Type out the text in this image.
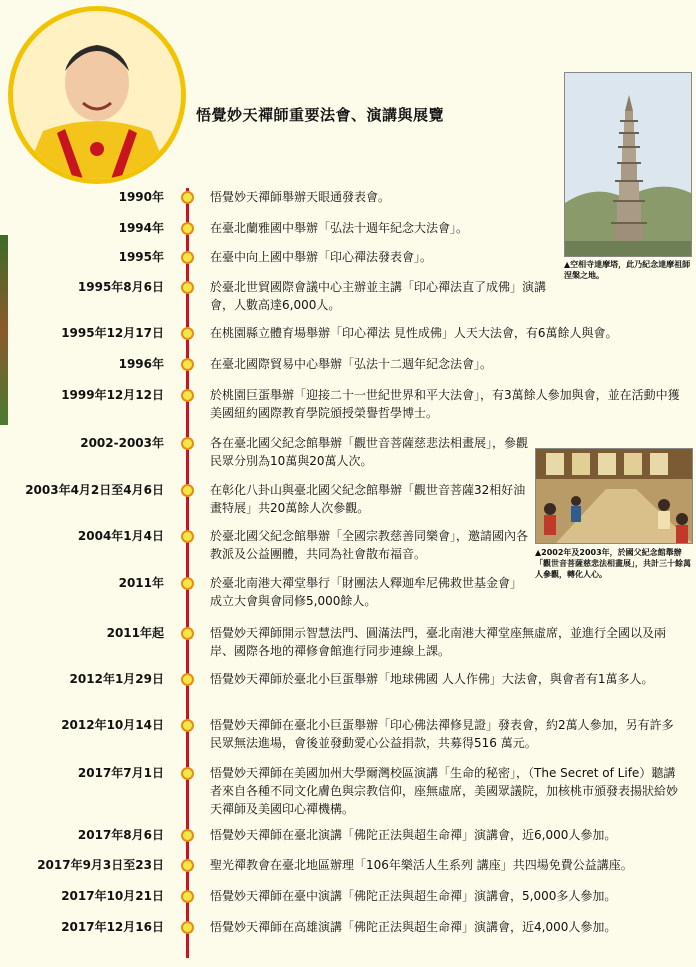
悟覺妙天禪師重要法會、演講與展覽
▲空相寺達摩塔，此乃紀念達摩祖師涅槃之地。
▲2002年及2003年，於國父紀念館舉辦「觀世音菩薩慈悲法相畫展」，共計三十餘萬人參觀，轉化人心。
1990年	悟覺妙天禪師舉辦天眼通發表會。
1994年	在臺北蘭雅國中舉辦「弘法十週年紀念大法會」。
1995年	在臺中向上國中舉辦「印心禪法發表會」。
1995年8月6日	於臺北世貿國際會議中心主辦並主講「印心禪法直了成佛」演講會，人數高達6,000人。
1995年12月17日	在桃園縣立體育場舉辦「印心禪法 見性成佛」人天大法會，有6萬餘人與會。
1996年	在臺北國際貿易中心舉辦「弘法十二週年紀念法會」。
1999年12月12日	於桃園巨蛋舉辦「迎接二十一世紀世界和平大法會」，有3萬餘人參加與會，並在活動中獲美國紐約國際教育學院頒授榮譽哲學博士。
2002-2003年	各在臺北國父紀念館舉辦「觀世音菩薩慈悲法相畫展」，參觀民眾分別為10萬與20萬人次。
2003年4月2日至4月6日	在彰化八卦山與臺北國父紀念館舉辦「觀世音菩薩32相好油畫特展」共20萬餘人次參觀。
2004年1月4日	於臺北國父紀念館舉辦「全國宗教慈善同樂會」，邀請國內各教派及公益團體，共同為社會散布福音。
2011年	於臺北南港大禪堂舉行「財團法人釋迦牟尼佛救世基金會」成立大會與會同修5,000餘人。
2011年起	悟覺妙天禪師開示智慧法門、圓滿法門，臺北南港大禪堂座無虛席，並進行全國以及兩岸、國際各地的禪修會館進行同步連線上課。
2012年1月29日	悟覺妙天禪師於臺北小巨蛋舉辦「地球佛國 人人作佛」大法會，與會者有1萬多人。
2012年10月14日	悟覺妙天禪師在臺北小巨蛋舉辦「印心佛法禪修見證」發表會，約2萬人參加，另有許多民眾無法進場，會後並發動愛心公益捐款，共募得516 萬元。
2017年7月1日	悟覺妙天禪師在美國加州大學爾灣校區演講「生命的秘密」，（The Secret of Life）聽講者來自各種不同文化膚色與宗教信仰，座無虛席，美國眾議院，加核桃市頒發表揚狀給妙天禪師及美國印心禪機構。
2017年8月6日	悟覺妙天禪師在臺北演講「佛陀正法與超生命禪」演講會，近6,000人參加。
2017年9月3日至23日	聖光禪教會在臺北地區辦理「106年樂活人生系列 講座」共四場免費公益講座。
2017年10月21日	悟覺妙天禪師在臺中演講「佛陀正法與超生命禪」演講會，5,000多人參加。
2017年12月16日	悟覺妙天禪師在高雄演講「佛陀正法與超生命禪」演講會，近4,000人參加。
